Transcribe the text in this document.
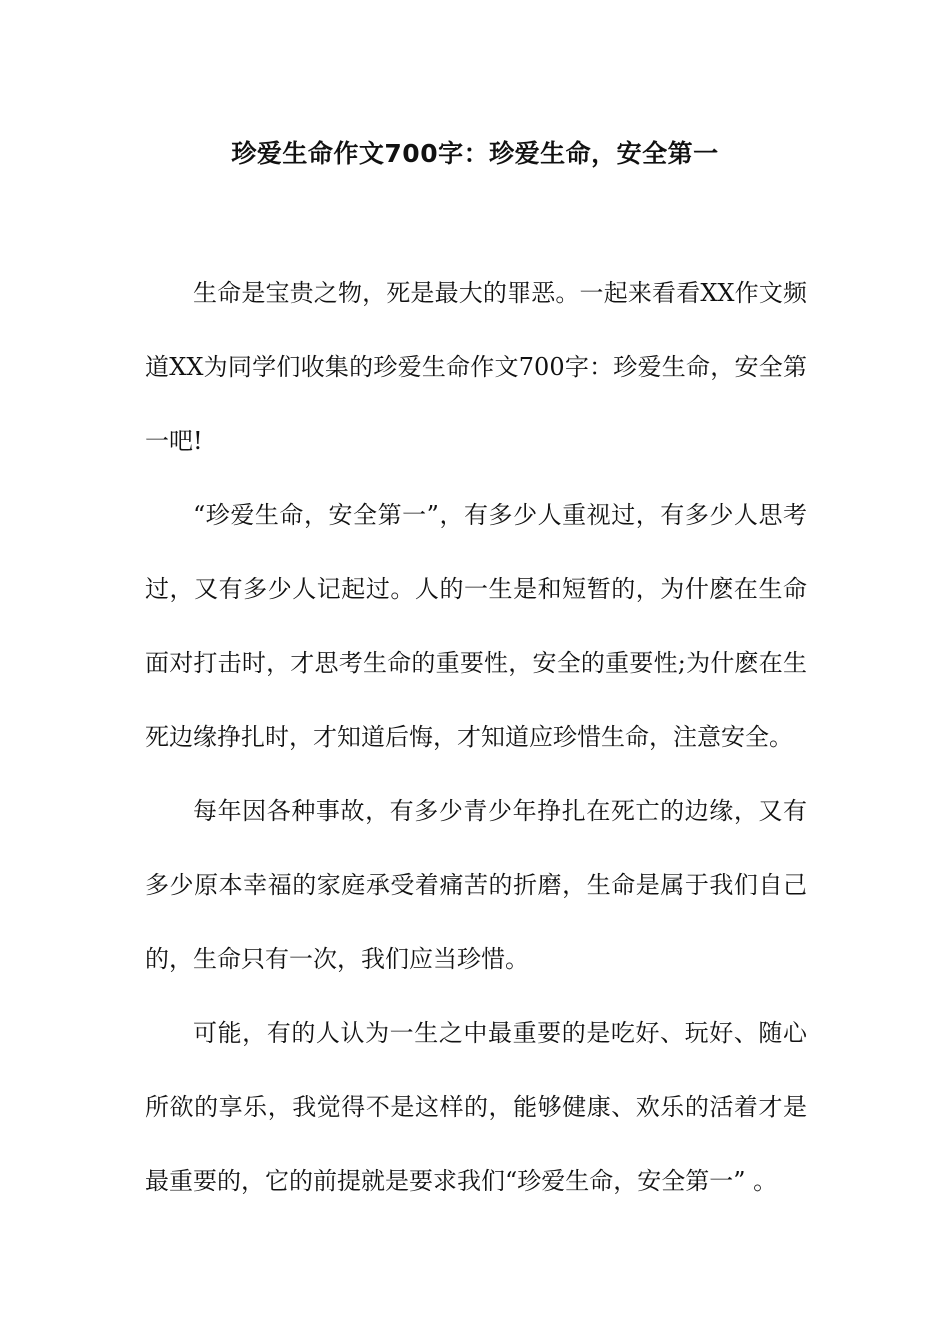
珍爱生命作文700字：珍爱生命，安全第一

生命是宝贵之物，死是最大的罪恶。一起来看看XX作文频道XX为同学们收集的珍爱生命作文700字：珍爱生命，安全第一吧!

“珍爱生命，安全第一”，有多少人重视过，有多少人思考过，又有多少人记起过。人的一生是和短暂的，为什麽在生命面对打击时，才思考生命的重要性，安全的重要性;为什麽在生死边缘挣扎时，才知道后悔，才知道应珍惜生命，注意安全。

每年因各种事故，有多少青少年挣扎在死亡的边缘，又有多少原本幸福的家庭承受着痛苦的折磨，生命是属于我们自己的，生命只有一次，我们应当珍惜。

可能，有的人认为一生之中最重要的是吃好、玩好、随心所欲的享乐，我觉得不是这样的，能够健康、欢乐的活着才是最重要的，它的前提就是要求我们“珍爱生命，安全第一” 。
